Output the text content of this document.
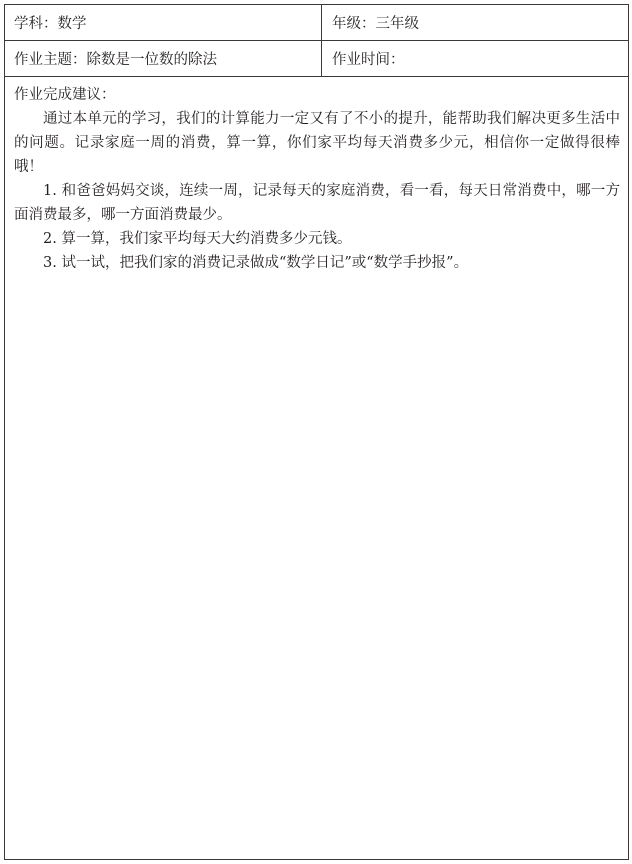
学科：数学	年级：三年级
作业主题：除数是一位数的除法	作业时间：

作业完成建议：

通过本单元的学习，我们的计算能力一定又有了不小的提升，能帮助我们解决更多生活中的问题。记录家庭一周的消费，算一算，你们家平均每天消费多少元，相信你一定做得很棒哦！

1. 和爸爸妈妈交谈，连续一周，记录每天的家庭消费，看一看，每天日常消费中，哪一方面消费最多，哪一方面消费最少。

2. 算一算，我们家平均每天大约消费多少元钱。

3. 试一试，把我们家的消费记录做成“数学日记”或“数学手抄报”。
